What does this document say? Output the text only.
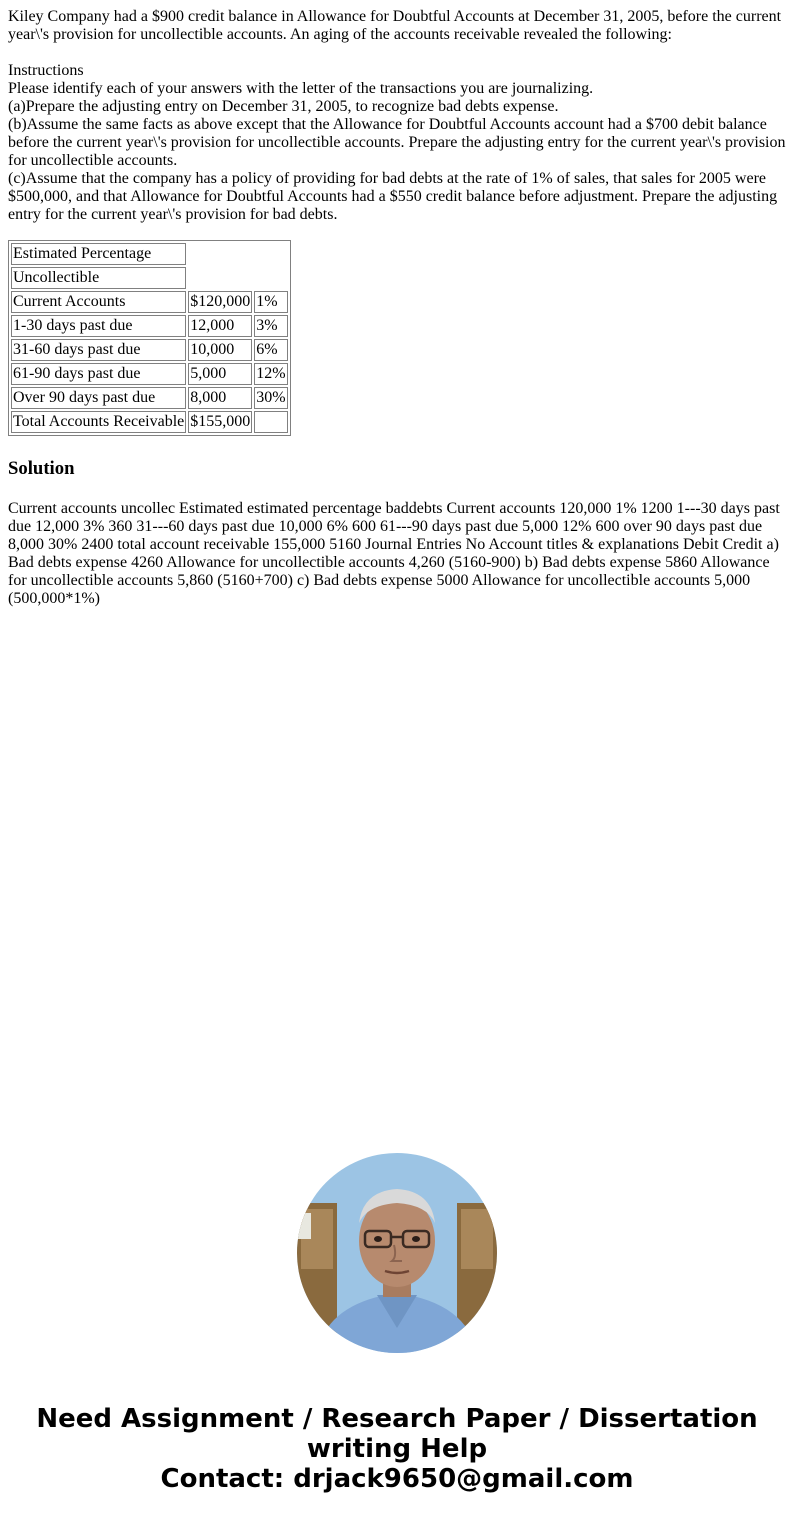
Kiley Company had a $900 credit balance in Allowance for Doubtful Accounts at December 31, 2005, before the current year\'s provision for uncollectible accounts. An aging of the accounts receivable revealed the following:

Instructions

Please identify each of your answers with the letter of the transactions you are journalizing.

(a)Prepare the adjusting entry on December 31, 2005, to recognize bad debts expense.

(b)Assume the same facts as above except that the Allowance for Doubtful Accounts account had a $700 debit balance before the current year\'s provision for uncollectible accounts. Prepare the adjusting entry for the current year\'s provision for uncollectible accounts.

(c)Assume that the company has a policy of providing for bad debts at the rate of 1% of sales, that sales for 2005 were $500,000, and that Allowance for Doubtful Accounts had a $550 credit balance before adjustment. Prepare the adjusting entry for the current year\'s provision for bad debts.

Estimated Percentage		
Uncollectible		
Current Accounts	$120,000	1%
1-30 days past due	12,000	3%
31-60 days past due	10,000	6%
61-90 days past due	5,000	12%
Over 90 days past due	8,000	30%
Total Accounts Receivable	$155,000	
Solution

Current accounts uncollec Estimated estimated percentage baddebts Current accounts 120,000 1% 1200 1---30 days past due 12,000 3% 360 31---60 days past due 10,000 6% 600 61---90 days past due 5,000 12% 600 over 90 days past due 8,000 30% 2400 total account receivable 155,000 5160 Journal Entries No Account titles & explanations Debit Credit a) Bad debts expense 4260 Allowance for uncollectible accounts 4,260 (5160-900) b) Bad debts expense 5860 Allowance for uncollectible accounts 5,860 (5160+700) c) Bad debts expense 5000 Allowance for uncollectible accounts 5,000 (500,000*1%)

Need Assignment / Research Paper / Dissertation
writing Help
Contact: drjack9650@gmail.com
